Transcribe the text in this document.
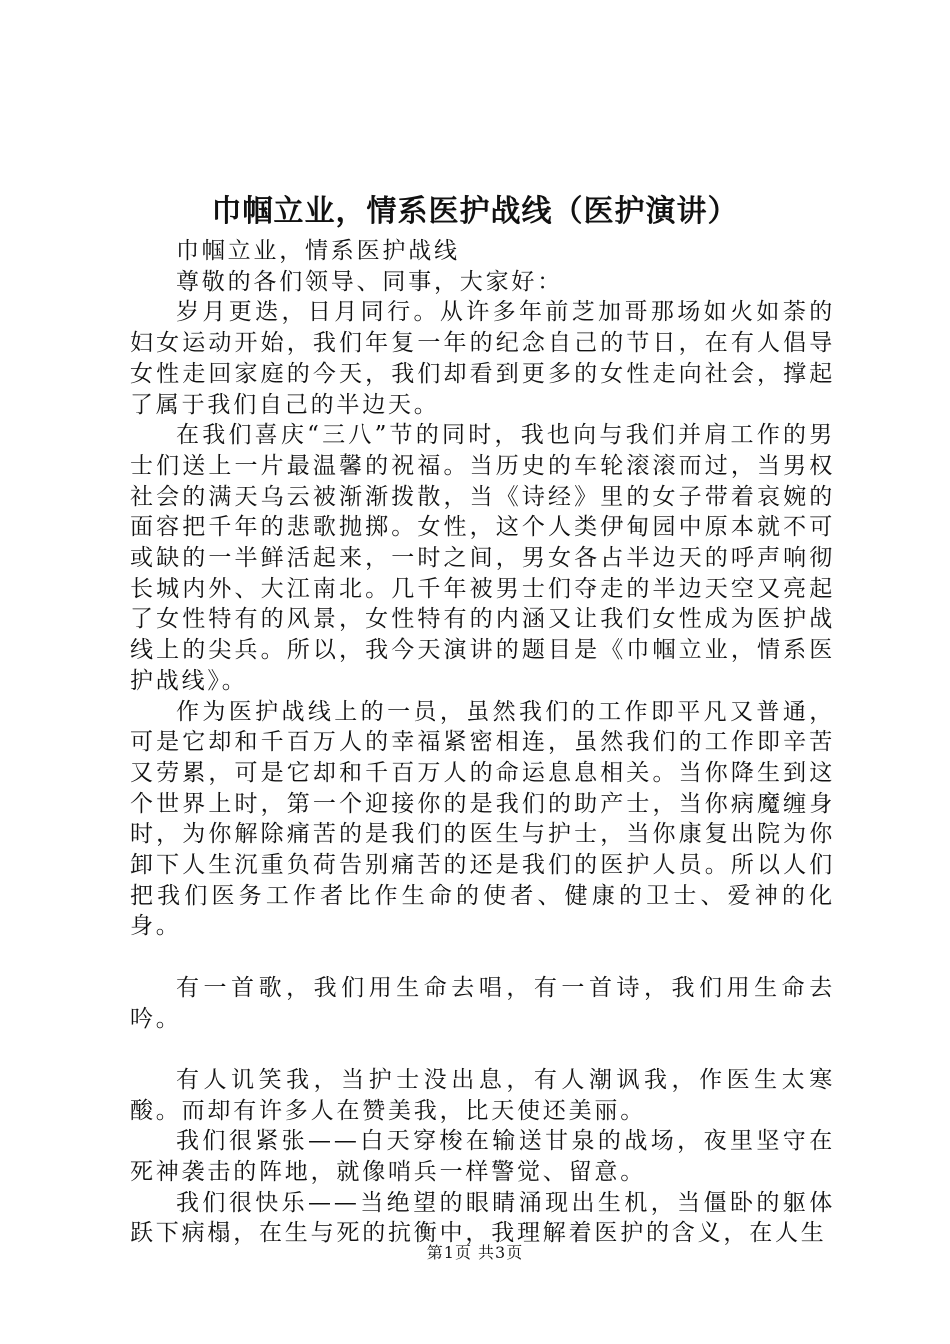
巾帼立业，情系医护战线（医护演讲）

巾帼立业，情系医护战线

尊敬的各们领导、同事，大家好：

岁月更迭，日月同行。从许多年前芝加哥那场如火如荼的妇女运动开始，我们年复一年的纪念自己的节日，在有人倡导女性走回家庭的今天，我们却看到更多的女性走向社会，撑起了属于我们自己的半边天。

在我们喜庆“三八”节的同时，我也向与我们并肩工作的男士们送上一片最温馨的祝福。当历史的车轮滚滚而过，当男权社会的满天乌云被渐渐拨散，当《诗经》里的女子带着哀婉的面容把千年的悲歌抛掷。女性，这个人类伊甸园中原本就不可或缺的一半鲜活起来，一时之间，男女各占半边天的呼声响彻长城内外、大江南北。几千年被男士们夺走的半边天空又亮起了女性特有的风景，女性特有的内涵又让我们女性成为医护战线上的尖兵。所以，我今天演讲的题目是《巾帼立业，情系医护战线》。

作为医护战线上的一员，虽然我们的工作即平凡又普通，可是它却和千百万人的幸福紧密相连，虽然我们的工作即辛苦又劳累，可是它却和千百万人的命运息息相关。当你降生到这个世界上时，第一个迎接你的是我们的助产士，当你病魔缠身时，为你解除痛苦的是我们的医生与护士，当你康复出院为你卸下人生沉重负荷告别痛苦的还是我们的医护人员。所以人们把我们医务工作者比作生命的使者、健康的卫士、爱神的化身。

有一首歌，我们用生命去唱，有一首诗，我们用生命去吟。

有人讥笑我，当护士没出息，有人潮讽我，作医生太寒酸。而却有许多人在赞美我，比天使还美丽。

我们很紧张——白天穿梭在输送甘泉的战场，夜里坚守在死神袭击的阵地，就像哨兵一样警觉、留意。

我们很快乐——当绝望的眼睛涌现出生机，当僵卧的躯体跃下病榻，在生与死的抗衡中，我理解着医护的含义，在人生

第1页 共3页
